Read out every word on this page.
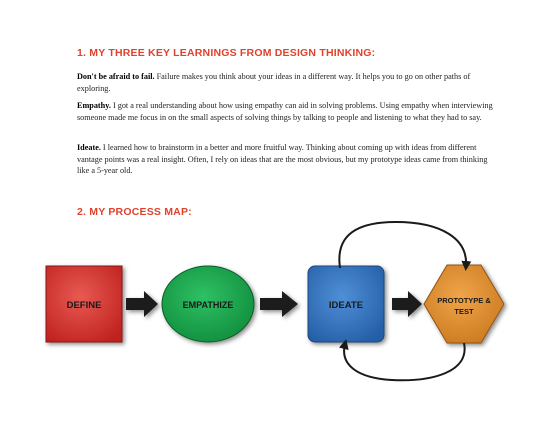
1. MY THREE KEY LEARNINGS FROM DESIGN THINKING:

Don't be afraid to fail. Failure makes you think about your ideas in a different way. It helps you to go on other paths of exploring.

Empathy. I got a real understanding about how using empathy can aid in solving problems. Using empathy when interviewing someone made me focus in on the small aspects of solving things by talking to people and listening to what they had to say.

Ideate. I learned how to brainstorm in a better and more fruitful way. Thinking about coming up with ideas from different vantage points was a real insight. Often, I rely on ideas that are the most obvious, but my prototype ideas came from thinking like a 5-year old.

2. MY PROCESS MAP:
DEFINE	EMPATHIZE	IDEATE	PROTOTYPE &
TEST
